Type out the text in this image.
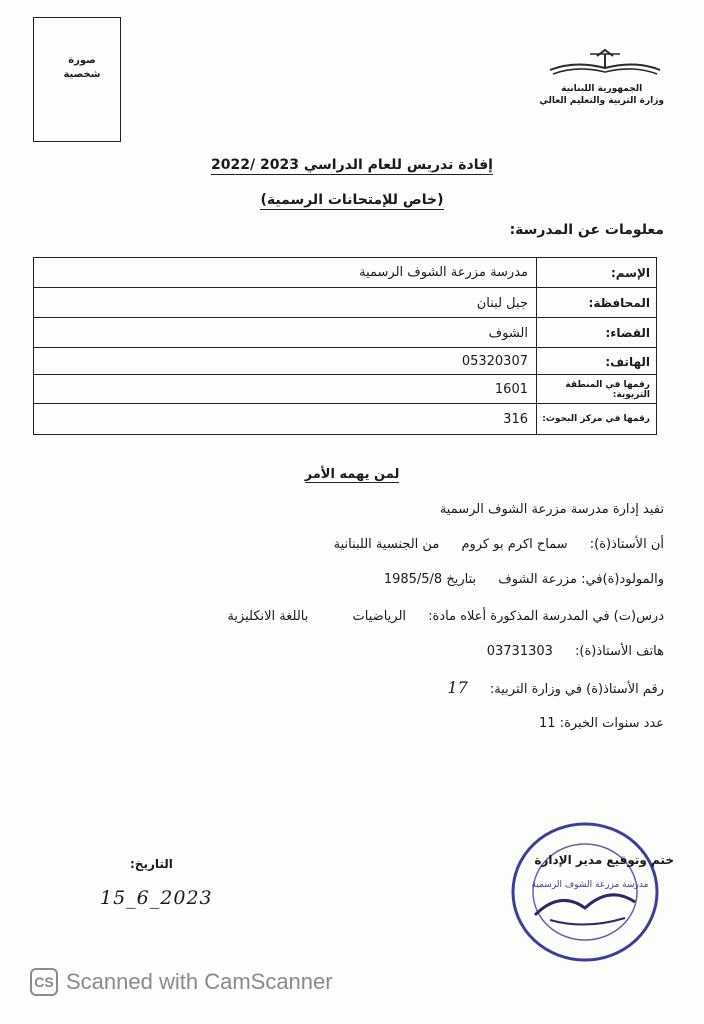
صورة
شخصية
الجمهورية اللبنانية
وزارة التربية والتعليم العالي
إفادة تدريس للعام الدراسي 2023 /2022
(خاص للإمتحانات الرسمية)
معلومات عن المدرسة:
الإسم:
مدرسة مزرعة الشوف الرسمية
المحافظة:
جبل لبنان
القضاء:
الشوف
الهاتف:
05320307
رقمها في المنطقة التربوية:
1601
رقمها في مركز البحوث:
316
لمن يهمه الأمر
تفيد إدارة مدرسة مزرعة الشوف الرسمية
أن الأستاذ(ة): سماح اكرم بو كروم من الجنسية اللبنانية
والمولود(ة)في: مزرعة الشوف بتاريخ 1985/5/8
درس(ت) في المدرسة المذكورة أعلاه مادة: الرياضيات باللغة الانكليزية
هاتف الأستاذ(ة): 03731303
رقم الأستاذ(ة) في وزارة التربية: 17
عدد سنوات الخبرة: 11
التاريخ:
15_6_2023
ختم وتوقيع مدير الإدارة
مدرسة مزرعة الشوف الرسمية
CS Scanned with CamScanner
